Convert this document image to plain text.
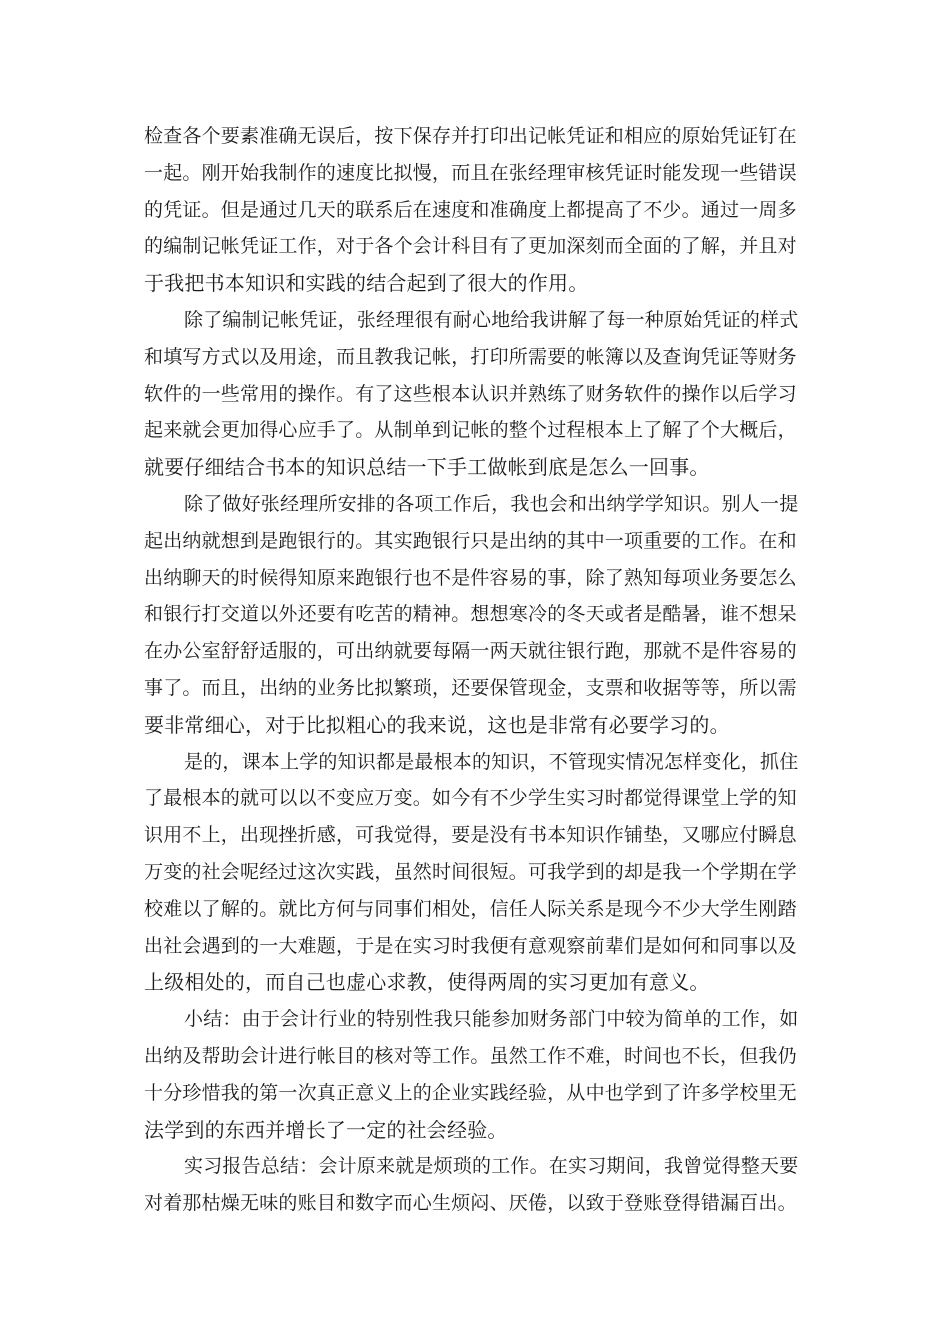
检查各个要素准确无误后，按下保存并打印出记帐凭证和相应的原始凭证钉在
一起。刚开始我制作的速度比拟慢，而且在张经理审核凭证时能发现一些错误
的凭证。但是通过几天的联系后在速度和准确度上都提高了不少。通过一周多
的编制记帐凭证工作，对于各个会计科目有了更加深刻而全面的了解，并且对
于我把书本知识和实践的结合起到了很大的作用。
除了编制记帐凭证，张经理很有耐心地给我讲解了每一种原始凭证的样式
和填写方式以及用途，而且教我记帐，打印所需要的帐簿以及查询凭证等财务
软件的一些常用的操作。有了这些根本认识并熟练了财务软件的操作以后学习
起来就会更加得心应手了。从制单到记帐的整个过程根本上了解了个大概后，
就要仔细结合书本的知识总结一下手工做帐到底是怎么一回事。
除了做好张经理所安排的各项工作后，我也会和出纳学学知识。别人一提
起出纳就想到是跑银行的。其实跑银行只是出纳的其中一项重要的工作。在和
出纳聊天的时候得知原来跑银行也不是件容易的事，除了熟知每项业务要怎么
和银行打交道以外还要有吃苦的精神。想想寒冷的冬天或者是酷暑，谁不想呆
在办公室舒舒适服的，可出纳就要每隔一两天就往银行跑，那就不是件容易的
事了。而且，出纳的业务比拟繁琐，还要保管现金，支票和收据等等，所以需
要非常细心，对于比拟粗心的我来说，这也是非常有必要学习的。
是的，课本上学的知识都是最根本的知识，不管现实情况怎样变化，抓住
了最根本的就可以以不变应万变。如今有不少学生实习时都觉得课堂上学的知
识用不上，出现挫折感，可我觉得，要是没有书本知识作铺垫，又哪应付瞬息
万变的社会呢经过这次实践，虽然时间很短。可我学到的却是我一个学期在学
校难以了解的。就比方何与同事们相处，信任人际关系是现今不少大学生刚踏
出社会遇到的一大难题，于是在实习时我便有意观察前辈们是如何和同事以及
上级相处的，而自己也虚心求教，使得两周的实习更加有意义。
小结：由于会计行业的特别性我只能参加财务部门中较为简单的工作，如
出纳及帮助会计进行帐目的核对等工作。虽然工作不难，时间也不长，但我仍
十分珍惜我的第一次真正意义上的企业实践经验，从中也学到了许多学校里无
法学到的东西并增长了一定的社会经验。
实习报告总结：会计原来就是烦琐的工作。在实习期间，我曾觉得整天要
对着那枯燥无味的账目和数字而心生烦闷、厌倦，以致于登账登得错漏百出。
